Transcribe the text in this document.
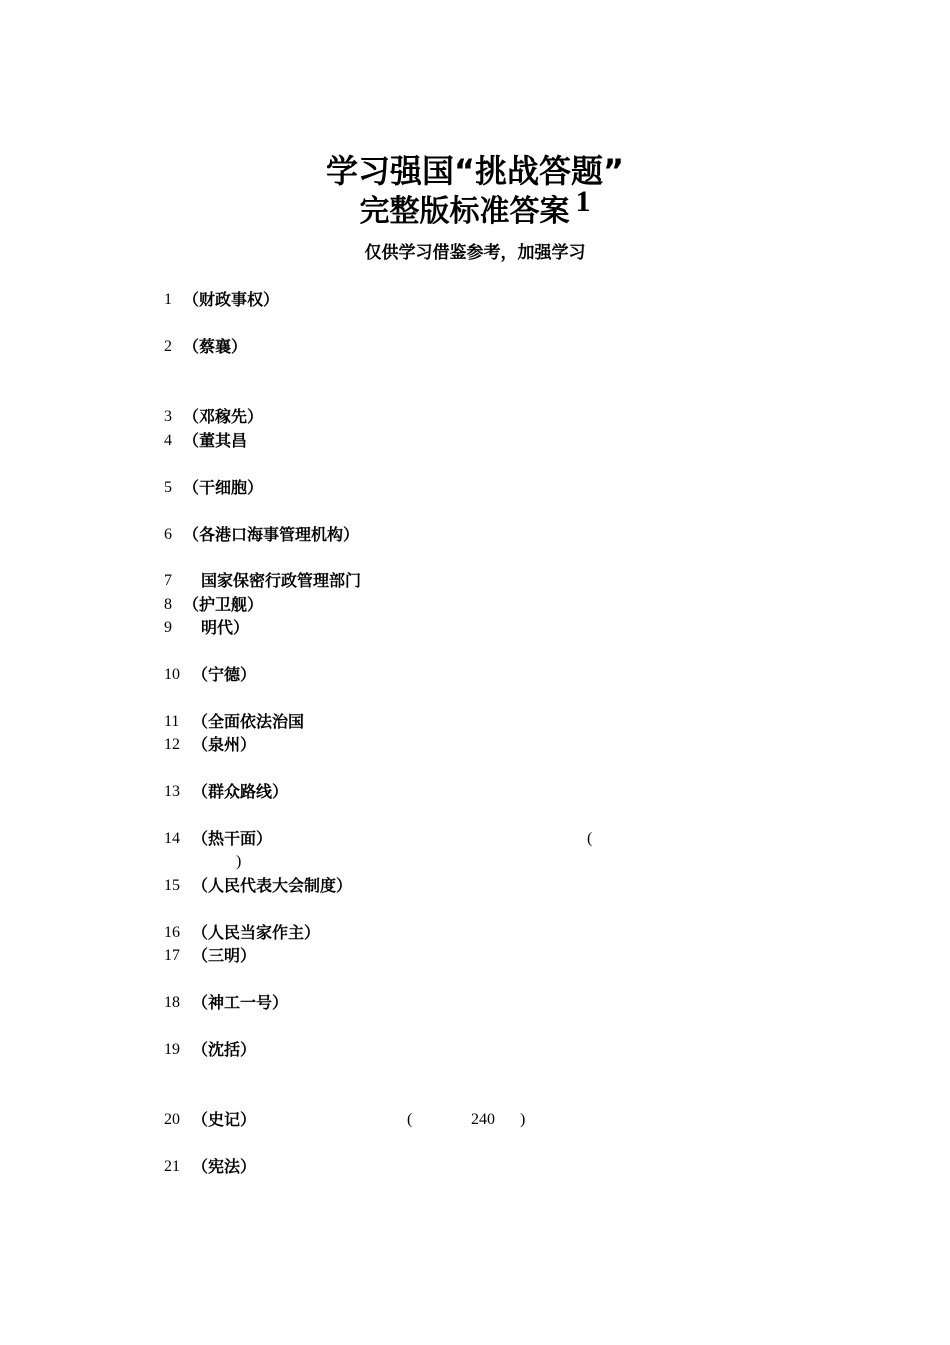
学习强国“挑战答题”
完整版标准答案 1
仅供学习借鉴参考，加强学习
1 （财政事权）
2 （蔡襄）
3 （邓稼先）
4 （董其昌
5 （干细胞）
6 （各港口海事管理机构）
7 国家保密行政管理部门
8 （护卫舰）
9 明代）
10 （宁德）
11 （全面依法治国
12 （泉州）
13 （群众路线）
14 （热干面）	(
)
15 （人民代表大会制度）
16 （人民当家作主）
17 （三明）
18 （神工一号）
19 （沈括）
20 （史记）	(	240 )
21 （宪法）
